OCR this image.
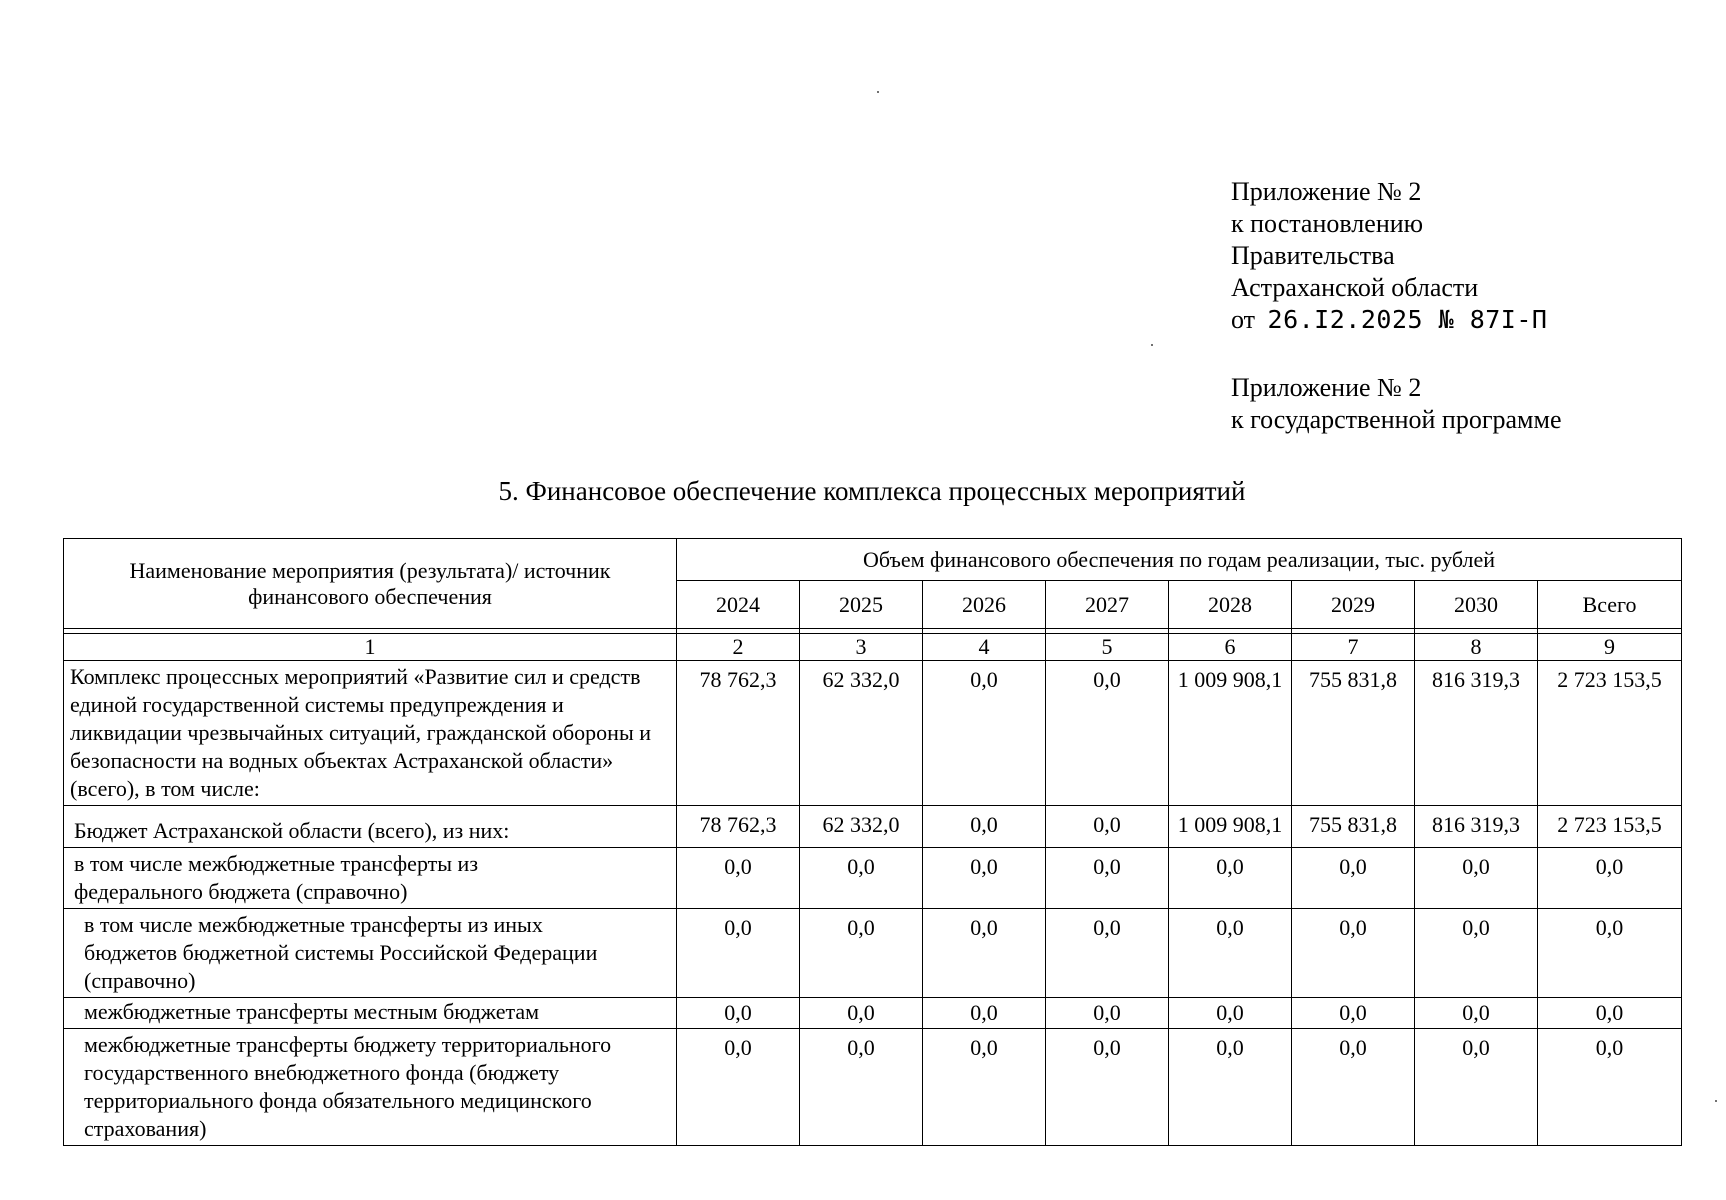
Приложение № 2
к постановлению
Правительства
Астраханской области
от 26.I2.2025 № 87I-П
Приложение № 2
к государственной программе
5. Финансовое обеспечение комплекса процессных мероприятий
Наименование мероприятия (результата)/ источник финансового обеспечения	Объем финансового обеспечения по годам реализации, тыс. рублей							
	2024	2025	2026	2027	2028	2029	2030	Всего

1	2	3	4	5	6	7	8	9
Комплекс процессных мероприятий «Развитие сил и средств единой государственной системы предупреждения и ликвидации чрезвычайных ситуаций, гражданской обороны и безопасности на водных объектах Астраханской области» (всего), в том числе:	78 762,3	62 332,0	0,0	0,0	1 009 908,1	755 831,8	816 319,3	2 723 153,5
Бюджет Астраханской области (всего), из них:	78 762,3	62 332,0	0,0	0,0	1 009 908,1	755 831,8	816 319,3	2 723 153,5
в том числе межбюджетные трансферты из федерального бюджета (справочно)	0,0	0,0	0,0	0,0	0,0	0,0	0,0	0,0
в том числе межбюджетные трансферты из иных бюджетов бюджетной системы Российской Федерации (справочно)	0,0	0,0	0,0	0,0	0,0	0,0	0,0	0,0
межбюджетные трансферты местным бюджетам	0,0	0,0	0,0	0,0	0,0	0,0	0,0	0,0
межбюджетные трансферты бюджету территориального государственного внебюджетного фонда (бюджету территориального фонда обязательного медицинского страхования)	0,0	0,0	0,0	0,0	0,0	0,0	0,0	0,0
